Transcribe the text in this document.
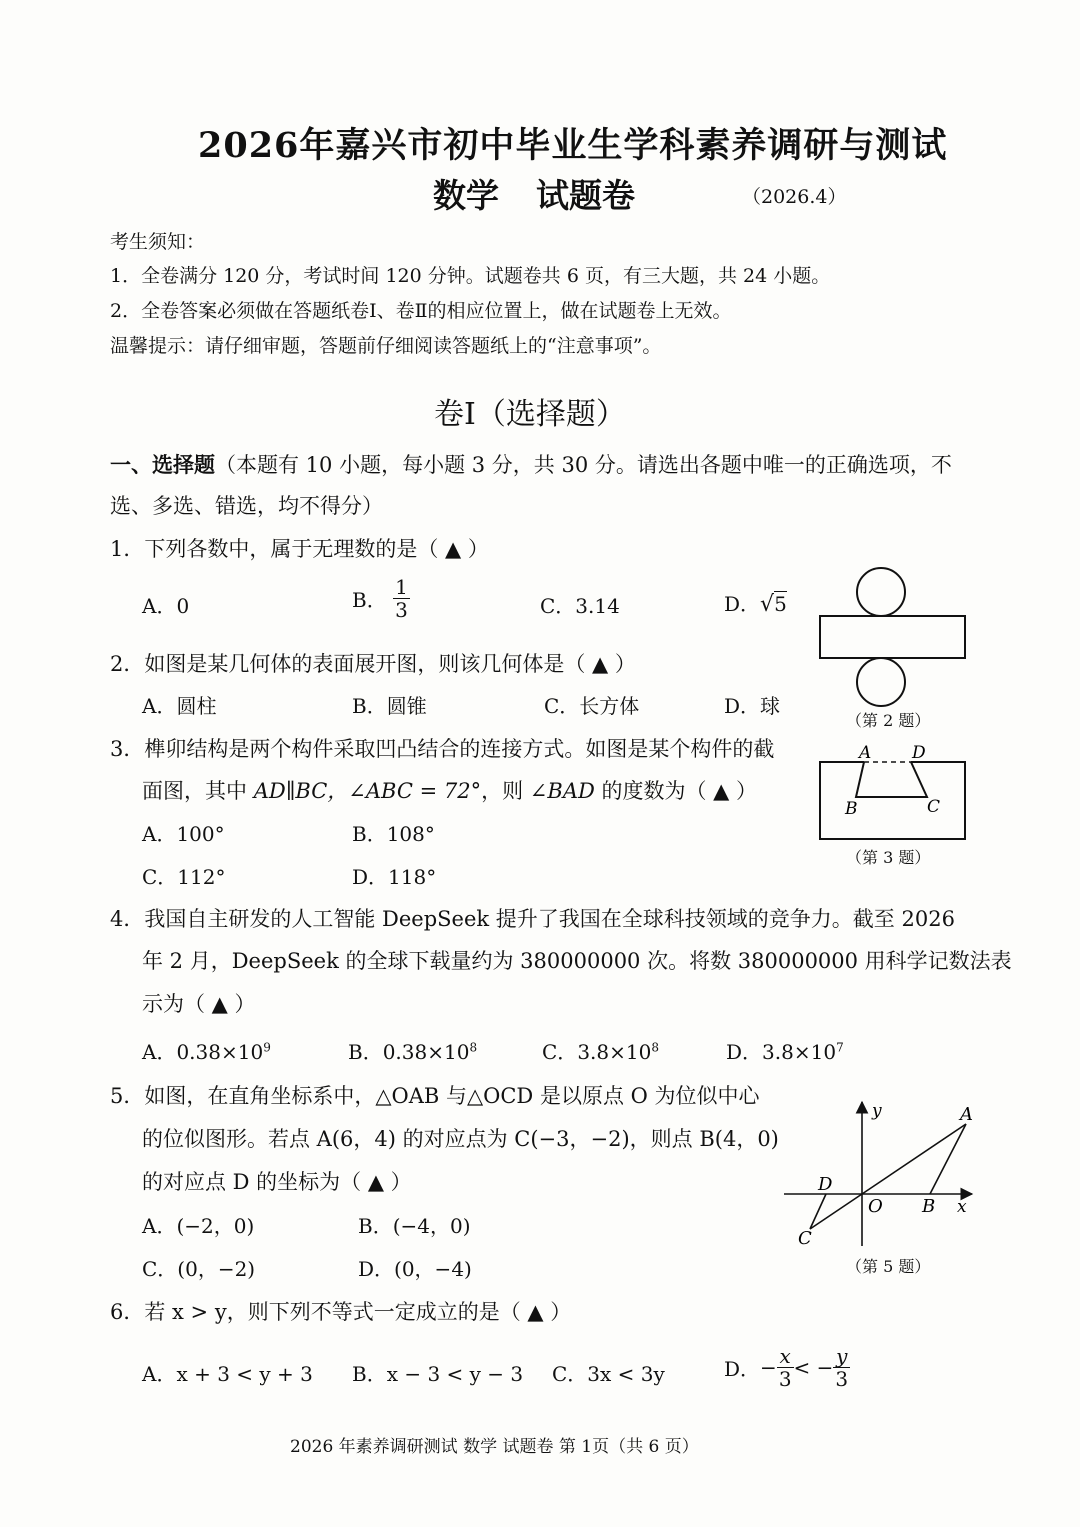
2026年嘉兴市初中毕业生学科素养调研与测试
数学 试题卷	（2026.4）
考生须知：
1．全卷满分 120 分，考试时间 120 分钟。试题卷共 6 页，有三大题，共 24 小题。
2．全卷答案必须做在答题纸卷Ⅰ、卷Ⅱ的相应位置上，做在试题卷上无效。
温馨提示：请仔细审题，答题前仔细阅读答题纸上的“注意事项”。
卷Ⅰ（选择题）
一、选择题（本题有 10 小题，每小题 3 分，共 30 分。请选出各题中唯一的正确选项，不
选、多选、错选，均不得分）
1．下列各数中，属于无理数的是（ ▲ ）
A．0	B． $\frac{1}{3}$	C．3.14	D．√5
（第 2 题）
2．如图是某几何体的表面展开图，则该几何体是（ ▲ ）
A．圆柱	B．圆锥	C．长方体	D．球
3．榫卯结构是两个构件采取凹凸结合的连接方式。如图是某个构件的截
面图，其中 AD∥BC，∠ABC = 72°，则 ∠BAD 的度数为（ ▲ ）
A．100°	B．108°
C．112°	D．118°
A D
B	C
（第 3 题）
4．我国自主研发的人工智能 DeepSeek 提升了我国在全球科技领域的竞争力。截至 2026
年 2 月，DeepSeek 的全球下载量约为 380000000 次。将数 380000000 用科学记数法表
示为（ ▲ ）
A．$0.38\times 10^9$	B．$0.38\times 10^8$	C．$3.8\times 10^8$	D．$3.8\times 10^7$
5．如图，在直角坐标系中，△OAB 与△OCD 是以原点 O 为位似中心
的位似图形。若点 A(6，4) 的对应点为 C(−3，−2)，则点 B(4，0)
的对应点 D 的坐标为（ ▲ ）
A．(−2，0)	B．(−4，0)
C．(0，−2)	D．(0，−4)
y
x
A
B
C
D
O
（第 5 题）
6．若 x > y，则下列不等式一定成立的是（ ▲ ）
A．x + 3 < y + 3 B．x − 3 < y − 3 C．3x < 3y	D．− $\frac{x}{3}$ < − $\frac{y}{3}$
2026 年素养调研测试 数学 试题卷 第 1页（共 6 页）
